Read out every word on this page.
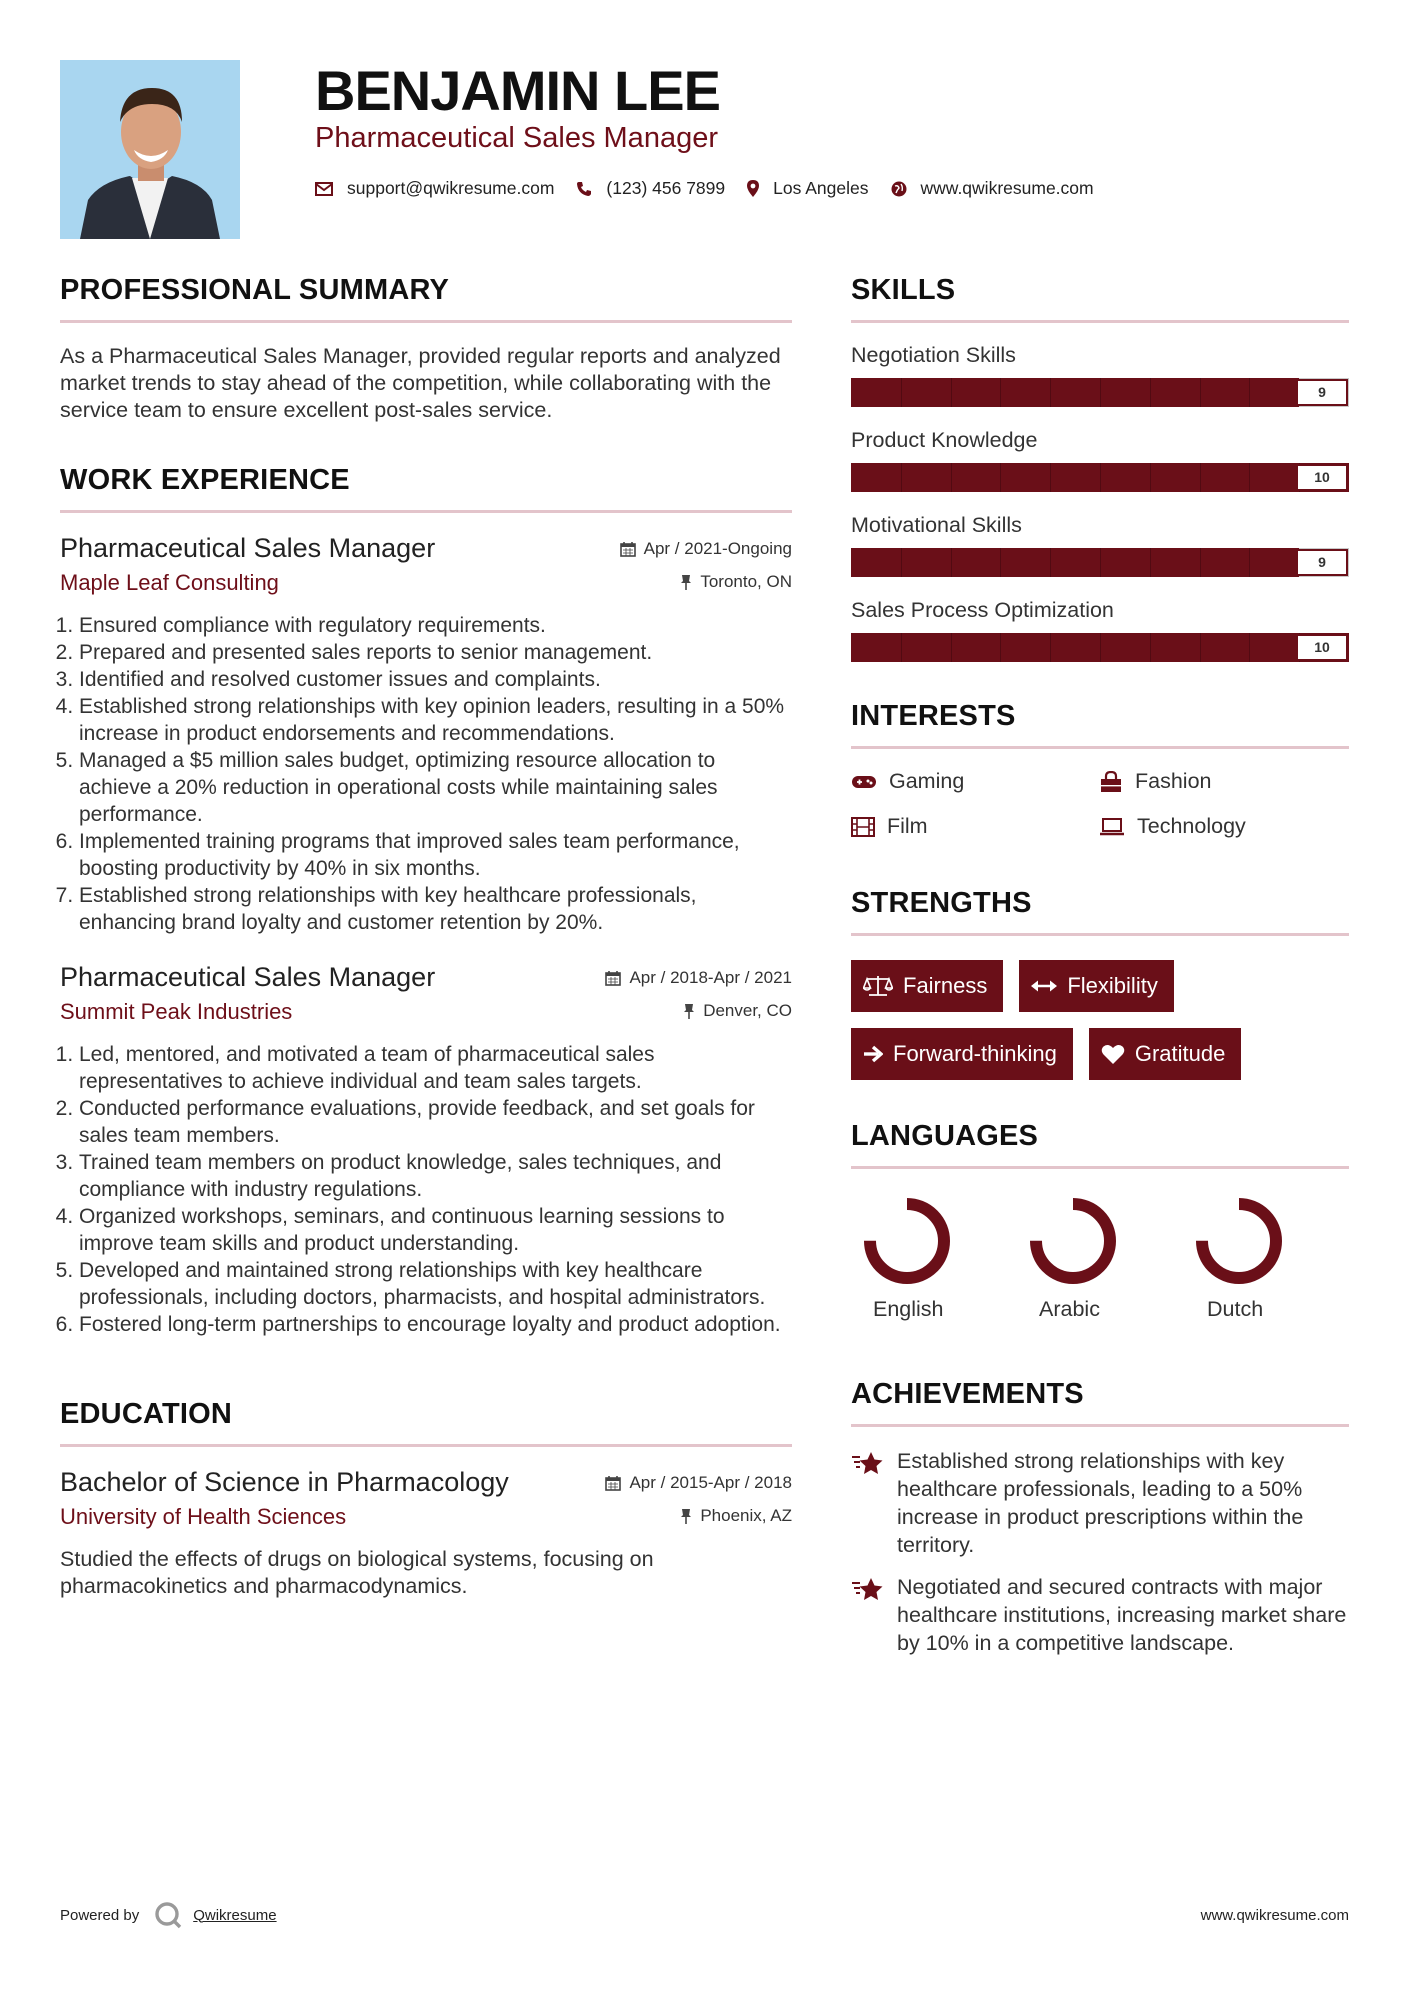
BENJAMIN LEE
Pharmaceutical Sales Manager
support@qwikresume.com	(123) 456 7899	Los Angeles	www.qwikresume.com
PROFESSIONAL SUMMARY

As a Pharmaceutical Sales Manager, provided regular reports and analyzed market trends to stay ahead of the competition, while collaborating with the service team to ensure excellent post-sales service.

WORK EXPERIENCE
Pharmaceutical Sales Manager	Apr / 2021-Ongoing
Maple Leaf Consulting	Toronto, ON
1. Ensured compliance with regulatory requirements.
2. Prepared and presented sales reports to senior management.
3. Identified and resolved customer issues and complaints.
4. Established strong relationships with key opinion leaders, resulting in a 50% increase in product endorsements and recommendations.
5. Managed a $5 million sales budget, optimizing resource allocation to achieve a 20% reduction in operational costs while maintaining sales performance.
6. Implemented training programs that improved sales team performance, boosting productivity by 40% in six months.
7. Established strong relationships with key healthcare professionals, enhancing brand loyalty and customer retention by 20%.
Pharmaceutical Sales Manager	Apr / 2018-Apr / 2021
Summit Peak Industries	Denver, CO
1. Led, mentored, and motivated a team of pharmaceutical sales representatives to achieve individual and team sales targets.
2. Conducted performance evaluations, provide feedback, and set goals for sales team members.
3. Trained team members on product knowledge, sales techniques, and compliance with industry regulations.
4. Organized workshops, seminars, and continuous learning sessions to improve team skills and product understanding.
5. Developed and maintained strong relationships with key healthcare professionals, including doctors, pharmacists, and hospital administrators.
6. Fostered long-term partnerships to encourage loyalty and product adoption.
EDUCATION
Bachelor of Science in Pharmacology	Apr / 2015-Apr / 2018
University of Health Sciences	Phoenix, AZ
Studied the effects of drugs on biological systems, focusing on pharmacokinetics and pharmacodynamics.
SKILLS
Negotiation Skills
9
Product Knowledge
10
Motivational Skills
9
Sales Process Optimization
10
INTERESTS
Gaming	Fashion
Film	Technology
STRENGTHS
Fairness	Flexibility
Forward-thinking	Gratitude
LANGUAGES
English	Arabic	Dutch
ACHIEVEMENTS
Established strong relationships with key healthcare professionals, leading to a 50% increase in product prescriptions within the territory.
Negotiated and secured contracts with major healthcare institutions, increasing market share by 10% in a competitive landscape.
Powered by	Qwikresume	www.qwikresume.com
